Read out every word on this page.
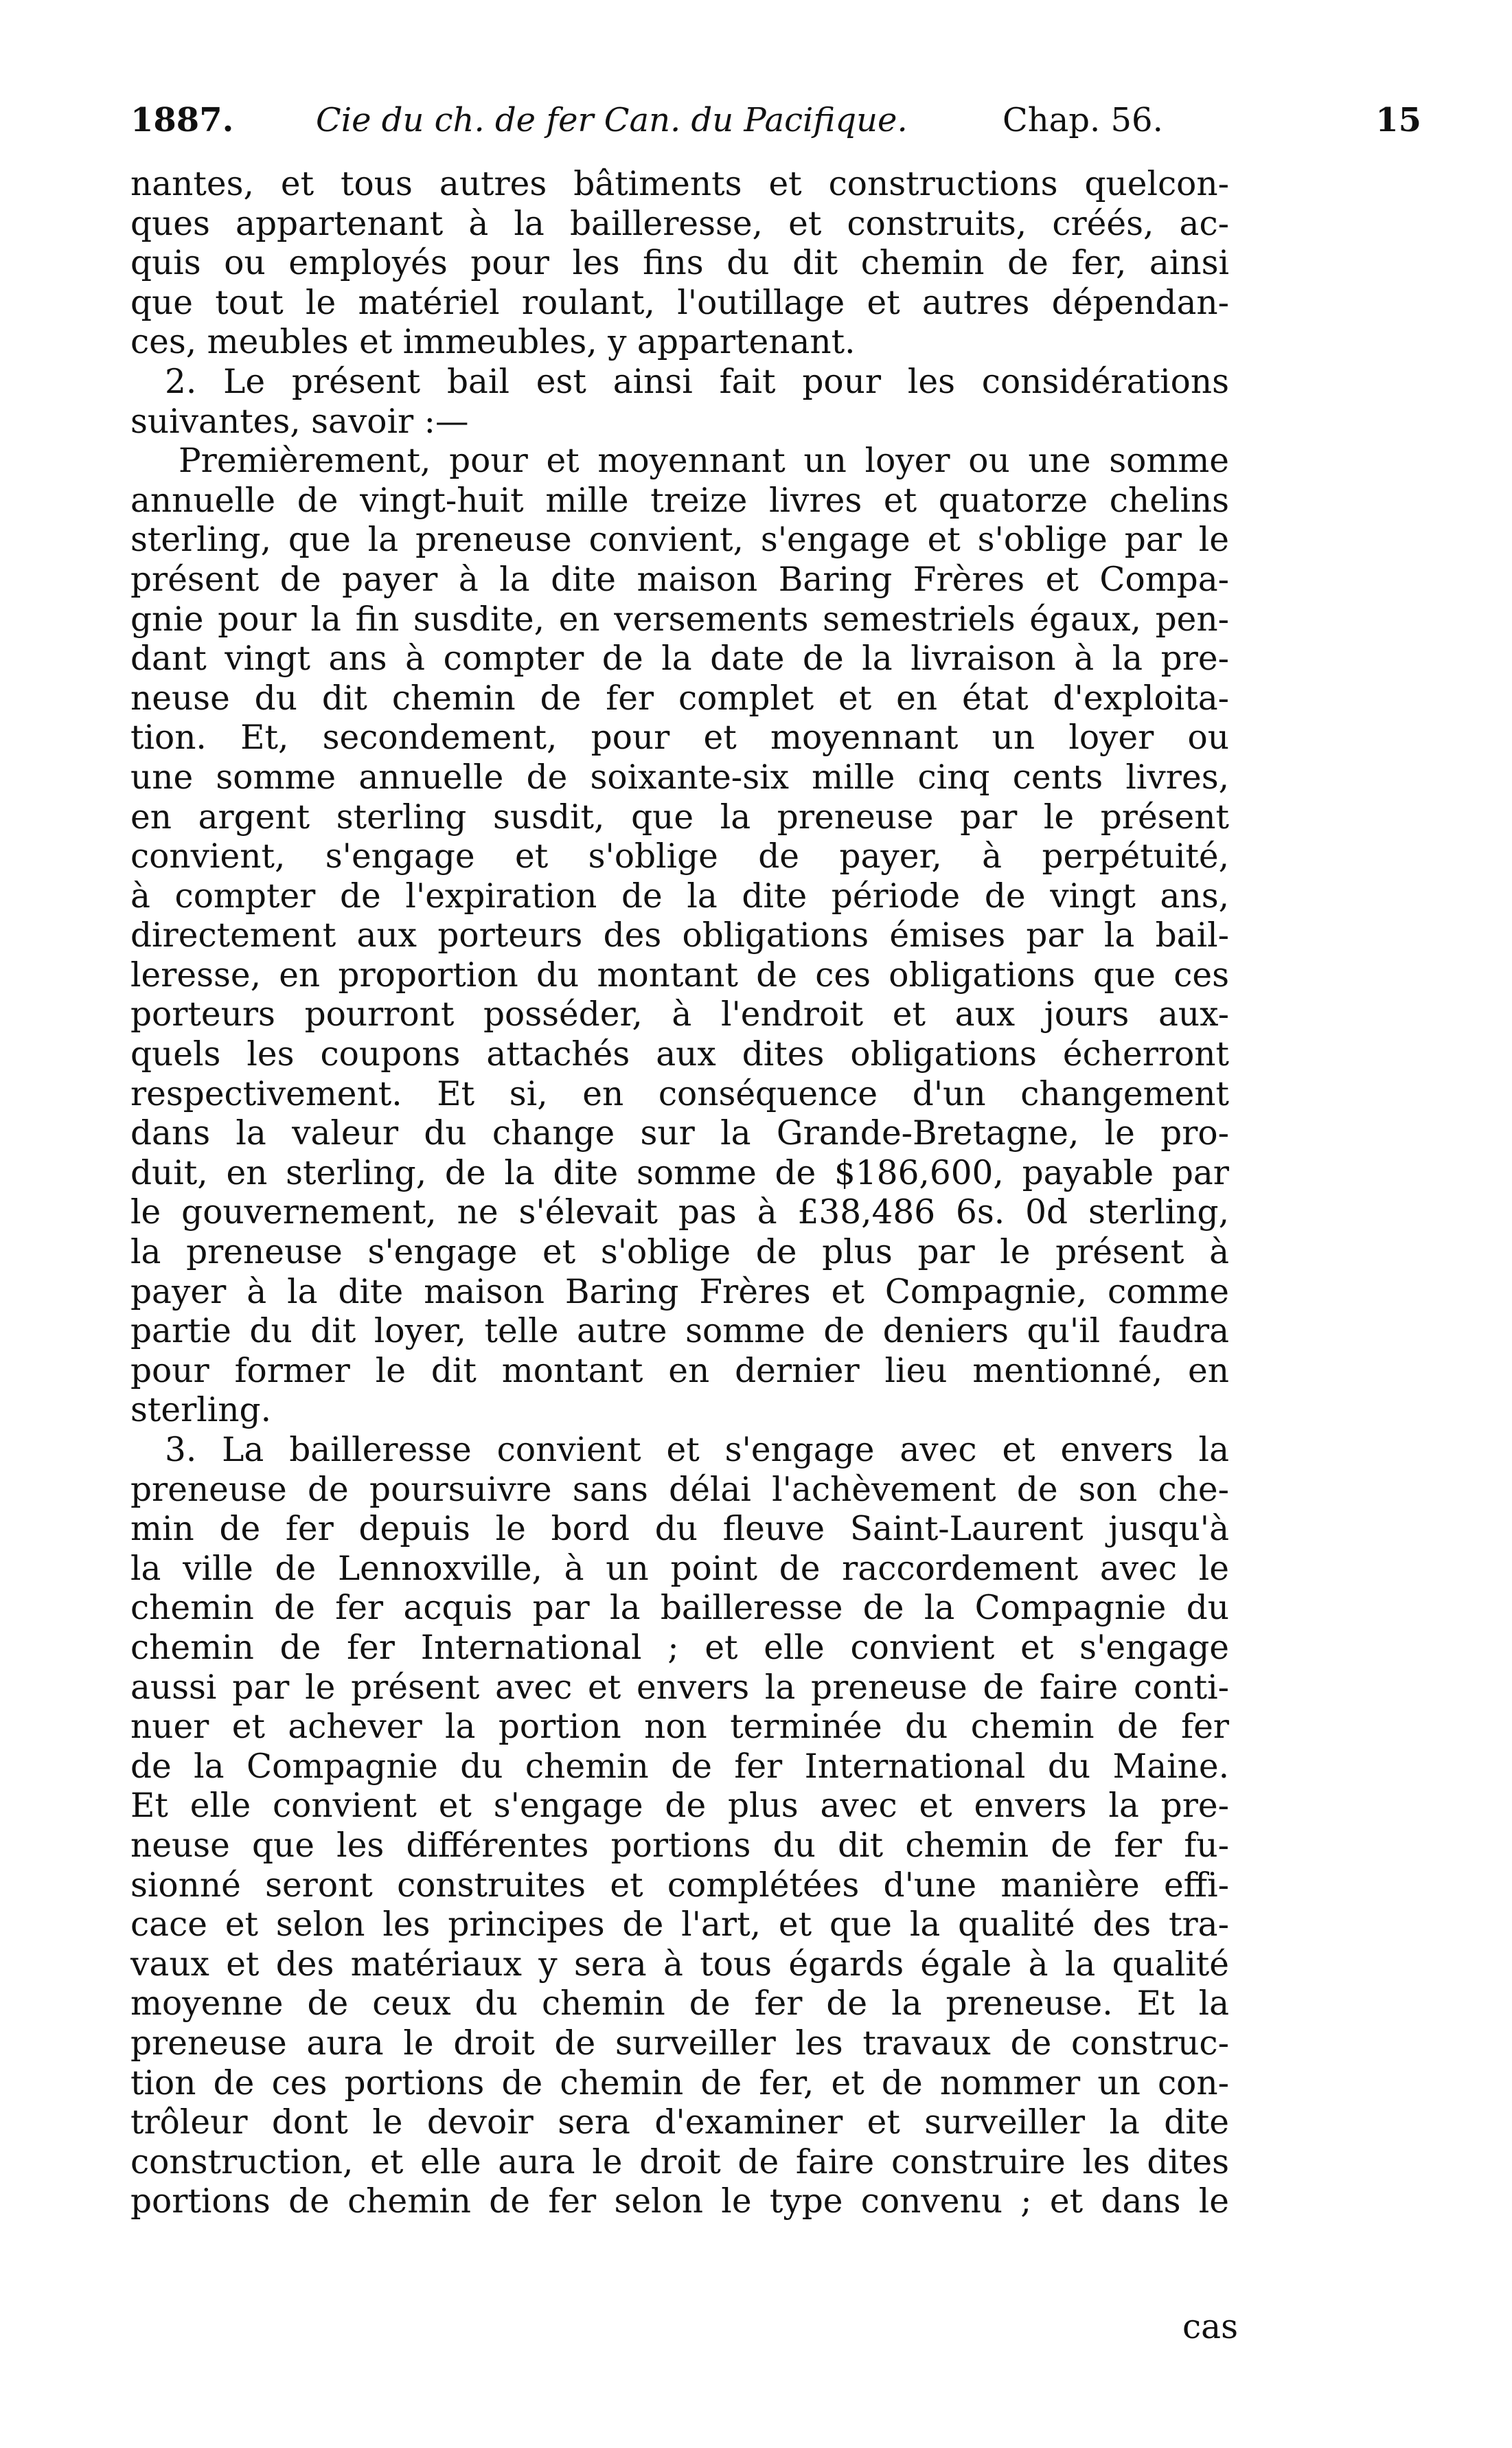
1887. Cie du ch. de fer Can. du Pacifique.	Chap. 56.	15
nantes, et tous autres bâtiments et constructions quelcon-
ques appartenant à la bailleresse, et construits, créés, ac-
quis ou employés pour les fins du dit chemin de fer, ainsi
que tout le matériel roulant, l'outillage et autres dépendan-
ces, meubles et immeubles, y appartenant.
2. Le présent bail est ainsi fait pour les considérations
suivantes, savoir :—
Premièrement, pour et moyennant un loyer ou une somme
annuelle de vingt-huit mille treize livres et quatorze chelins
sterling, que la preneuse convient, s'engage et s'oblige par le
présent de payer à la dite maison Baring Frères et Compa-
gnie pour la fin susdite, en versements semestriels égaux, pen-
dant vingt ans à compter de la date de la livraison à la pre-
neuse du dit chemin de fer complet et en état d'exploita-
tion. Et, secondement, pour et moyennant un loyer ou
une somme annuelle de soixante-six mille cinq cents livres,
en argent sterling susdit, que la preneuse par le présent
convient, s'engage et s'oblige de payer, à perpétuité,
à compter de l'expiration de la dite période de vingt ans,
directement aux porteurs des obligations émises par la bail-
leresse, en proportion du montant de ces obligations que ces
porteurs pourront posséder, à l'endroit et aux jours aux-
quels les coupons attachés aux dites obligations écherront
respectivement. Et si, en conséquence d'un changement
dans la valeur du change sur la Grande-Bretagne, le pro-
duit, en sterling, de la dite somme de $186,600, payable par
le gouvernement, ne s'élevait pas à £38,486 6s. 0d sterling,
la preneuse s'engage et s'oblige de plus par le présent à
payer à la dite maison Baring Frères et Compagnie, comme
partie du dit loyer, telle autre somme de deniers qu'il faudra
pour former le dit montant en dernier lieu mentionné, en
sterling.
3. La bailleresse convient et s'engage avec et envers la
preneuse de poursuivre sans délai l'achèvement de son che-
min de fer depuis le bord du fleuve Saint-Laurent jusqu'à
la ville de Lennoxville, à un point de raccordement avec le
chemin de fer acquis par la bailleresse de la Compagnie du
chemin de fer International ; et elle convient et s'engage
aussi par le présent avec et envers la preneuse de faire conti-
nuer et achever la portion non terminée du chemin de fer
de la Compagnie du chemin de fer International du Maine.
Et elle convient et s'engage de plus avec et envers la pre-
neuse que les différentes portions du dit chemin de fer fu-
sionné seront construites et complétées d'une manière effi-
cace et selon les principes de l'art, et que la qualité des tra-
vaux et des matériaux y sera à tous égards égale à la qualité
moyenne de ceux du chemin de fer de la preneuse. Et la
preneuse aura le droit de surveiller les travaux de construc-
tion de ces portions de chemin de fer, et de nommer un con-
trôleur dont le devoir sera d'examiner et surveiller la dite
construction, et elle aura le droit de faire construire les dites
portions de chemin de fer selon le type convenu ; et dans le
cas
